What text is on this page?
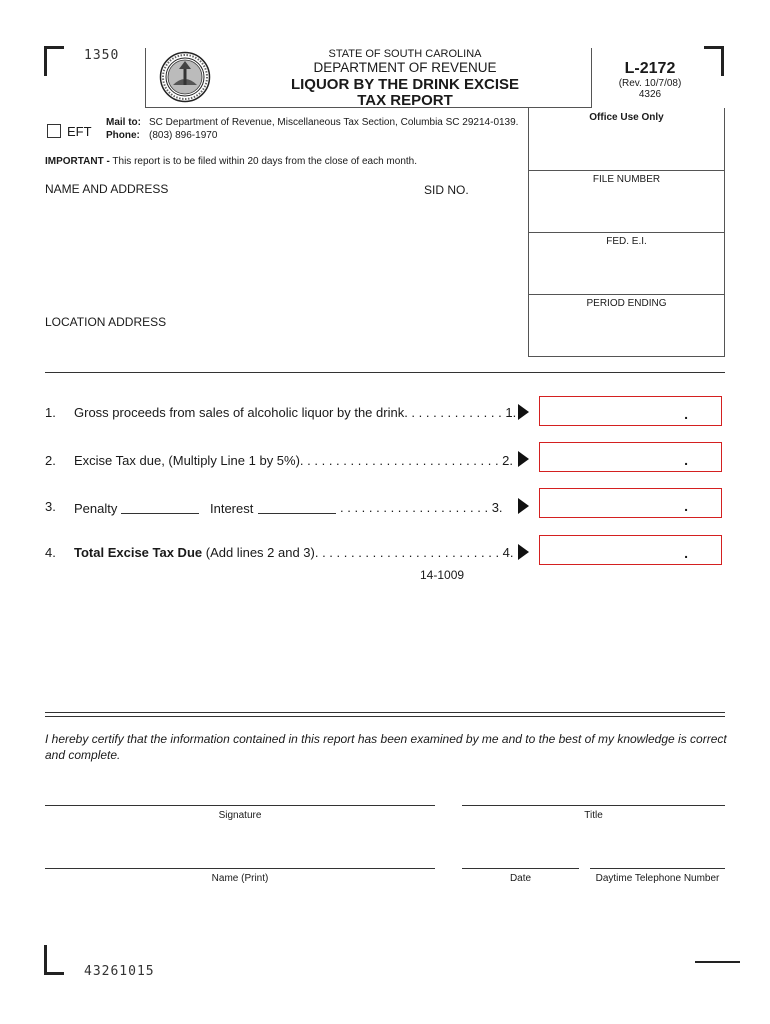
1350	STATE OF SOUTH CAROLINA
DEPARTMENT OF REVENUE
LIQUOR BY THE DRINK EXCISE
TAX REPORT
L-2172
(Rev. 10/7/08)
4326
EFT
Mail to: SC Department of Revenue, Miscellaneous Tax Section, Columbia SC 29214-0139.
Phone: (803) 896-1970
IMPORTANT - This report is to be filed within 20 days from the close of each month.
Office Use Only
FILE NUMBER
FED. E.I.
PERIOD ENDING
NAME AND ADDRESS	SID NO.
LOCATION ADDRESS
1. Gross proceeds from sales of alcoholic liquor by the drink. . . . . . . . . . . . . . 1.	.
2. Excise Tax due, (Multiply Line 1 by 5%). . . . . . . . . . . . . . . . . . . . . . . . . . . . 2.	.
3. Penalty	Interest	. . . . . . . . . . . . . . . . . . . . . 3.	.
4. Total Excise Tax Due (Add lines 2 and 3). . . . . . . . . . . . . . . . . . . . . . . . . . 4.	.
14-1009
I hereby certify that the information contained in this report has been examined by me and to the best of my knowledge is correct and complete.
Signature	Title
Name (Print)	Date	Daytime Telephone Number
43261015
